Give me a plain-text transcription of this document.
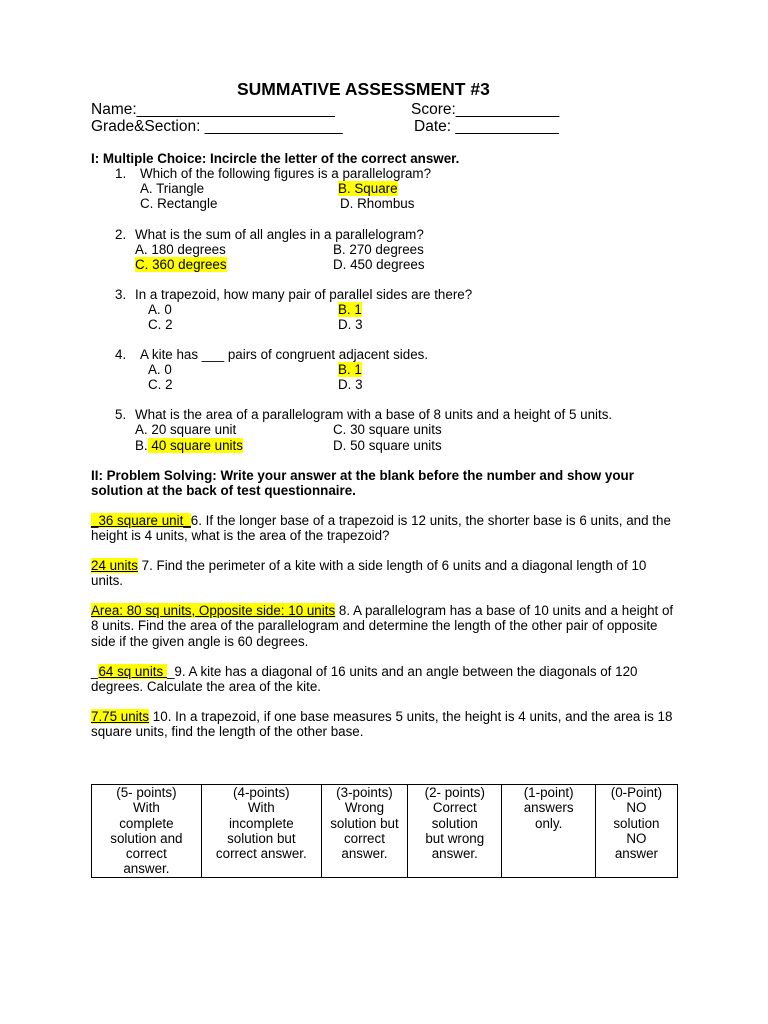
SUMMATIVE ASSESSMENT #3
Name:_______________________	Score:____________
Grade&Section: ________________	Date: ____________
I: Multiple Choice: Incircle the letter of the correct answer.
1. Which of the following figures is a parallelogram?
A. Triangle	B. Square
C. Rectangle	D. Rhombus
2. What is the sum of all angles in a parallelogram?
A. 180 degrees	B. 270 degrees
C. 360 degrees	D. 450 degrees
3. In a trapezoid, how many pair of parallel sides are there?
A. 0	B. 1
C. 2	D. 3
4. A kite has ___ pairs of congruent adjacent sides.
A. 0	B. 1
C. 2	D. 3
5. What is the area of a parallelogram with a base of 8 units and a height of 5 units.
A. 20 square unit	C. 30 square units
B. 40 square units	D. 50 square units
II: Problem Solving: Write your answer at the blank before the number and show your solution at the back of test questionnaire.
_36 square unit_6. If the longer base of a trapezoid is 12 units, the shorter base is 6 units, and the height is 4 units, what is the area of the trapezoid?
24 units 7. Find the perimeter of a kite with a side length of 6 units and a diagonal length of 10 units.
Area: 80 sq units, Opposite side: 10 units 8. A parallelogram has a base of 10 units and a height of 8 units. Find the area of the parallelogram and determine the length of the other pair of opposite side if the given angle is 60 degrees.
_64 sq units _9. A kite has a diagonal of 16 units and an angle between the diagonals of 120 degrees. Calculate the area of the kite.
7.75 units 10. In a trapezoid, if one base measures 5 units, the height is 4 units, and the area is 18 square units, find the length of the other base.
(5- points)
With
complete
solution and
correct
answer.

(4-points)
With
incomplete
solution but
correct answer.

(3-points)
Wrong
solution but
correct
answer.

(2- points)
Correct
solution
but wrong
answer.

(1-point)
answers
only.

(0-Point)
NO
solution
NO
answer
